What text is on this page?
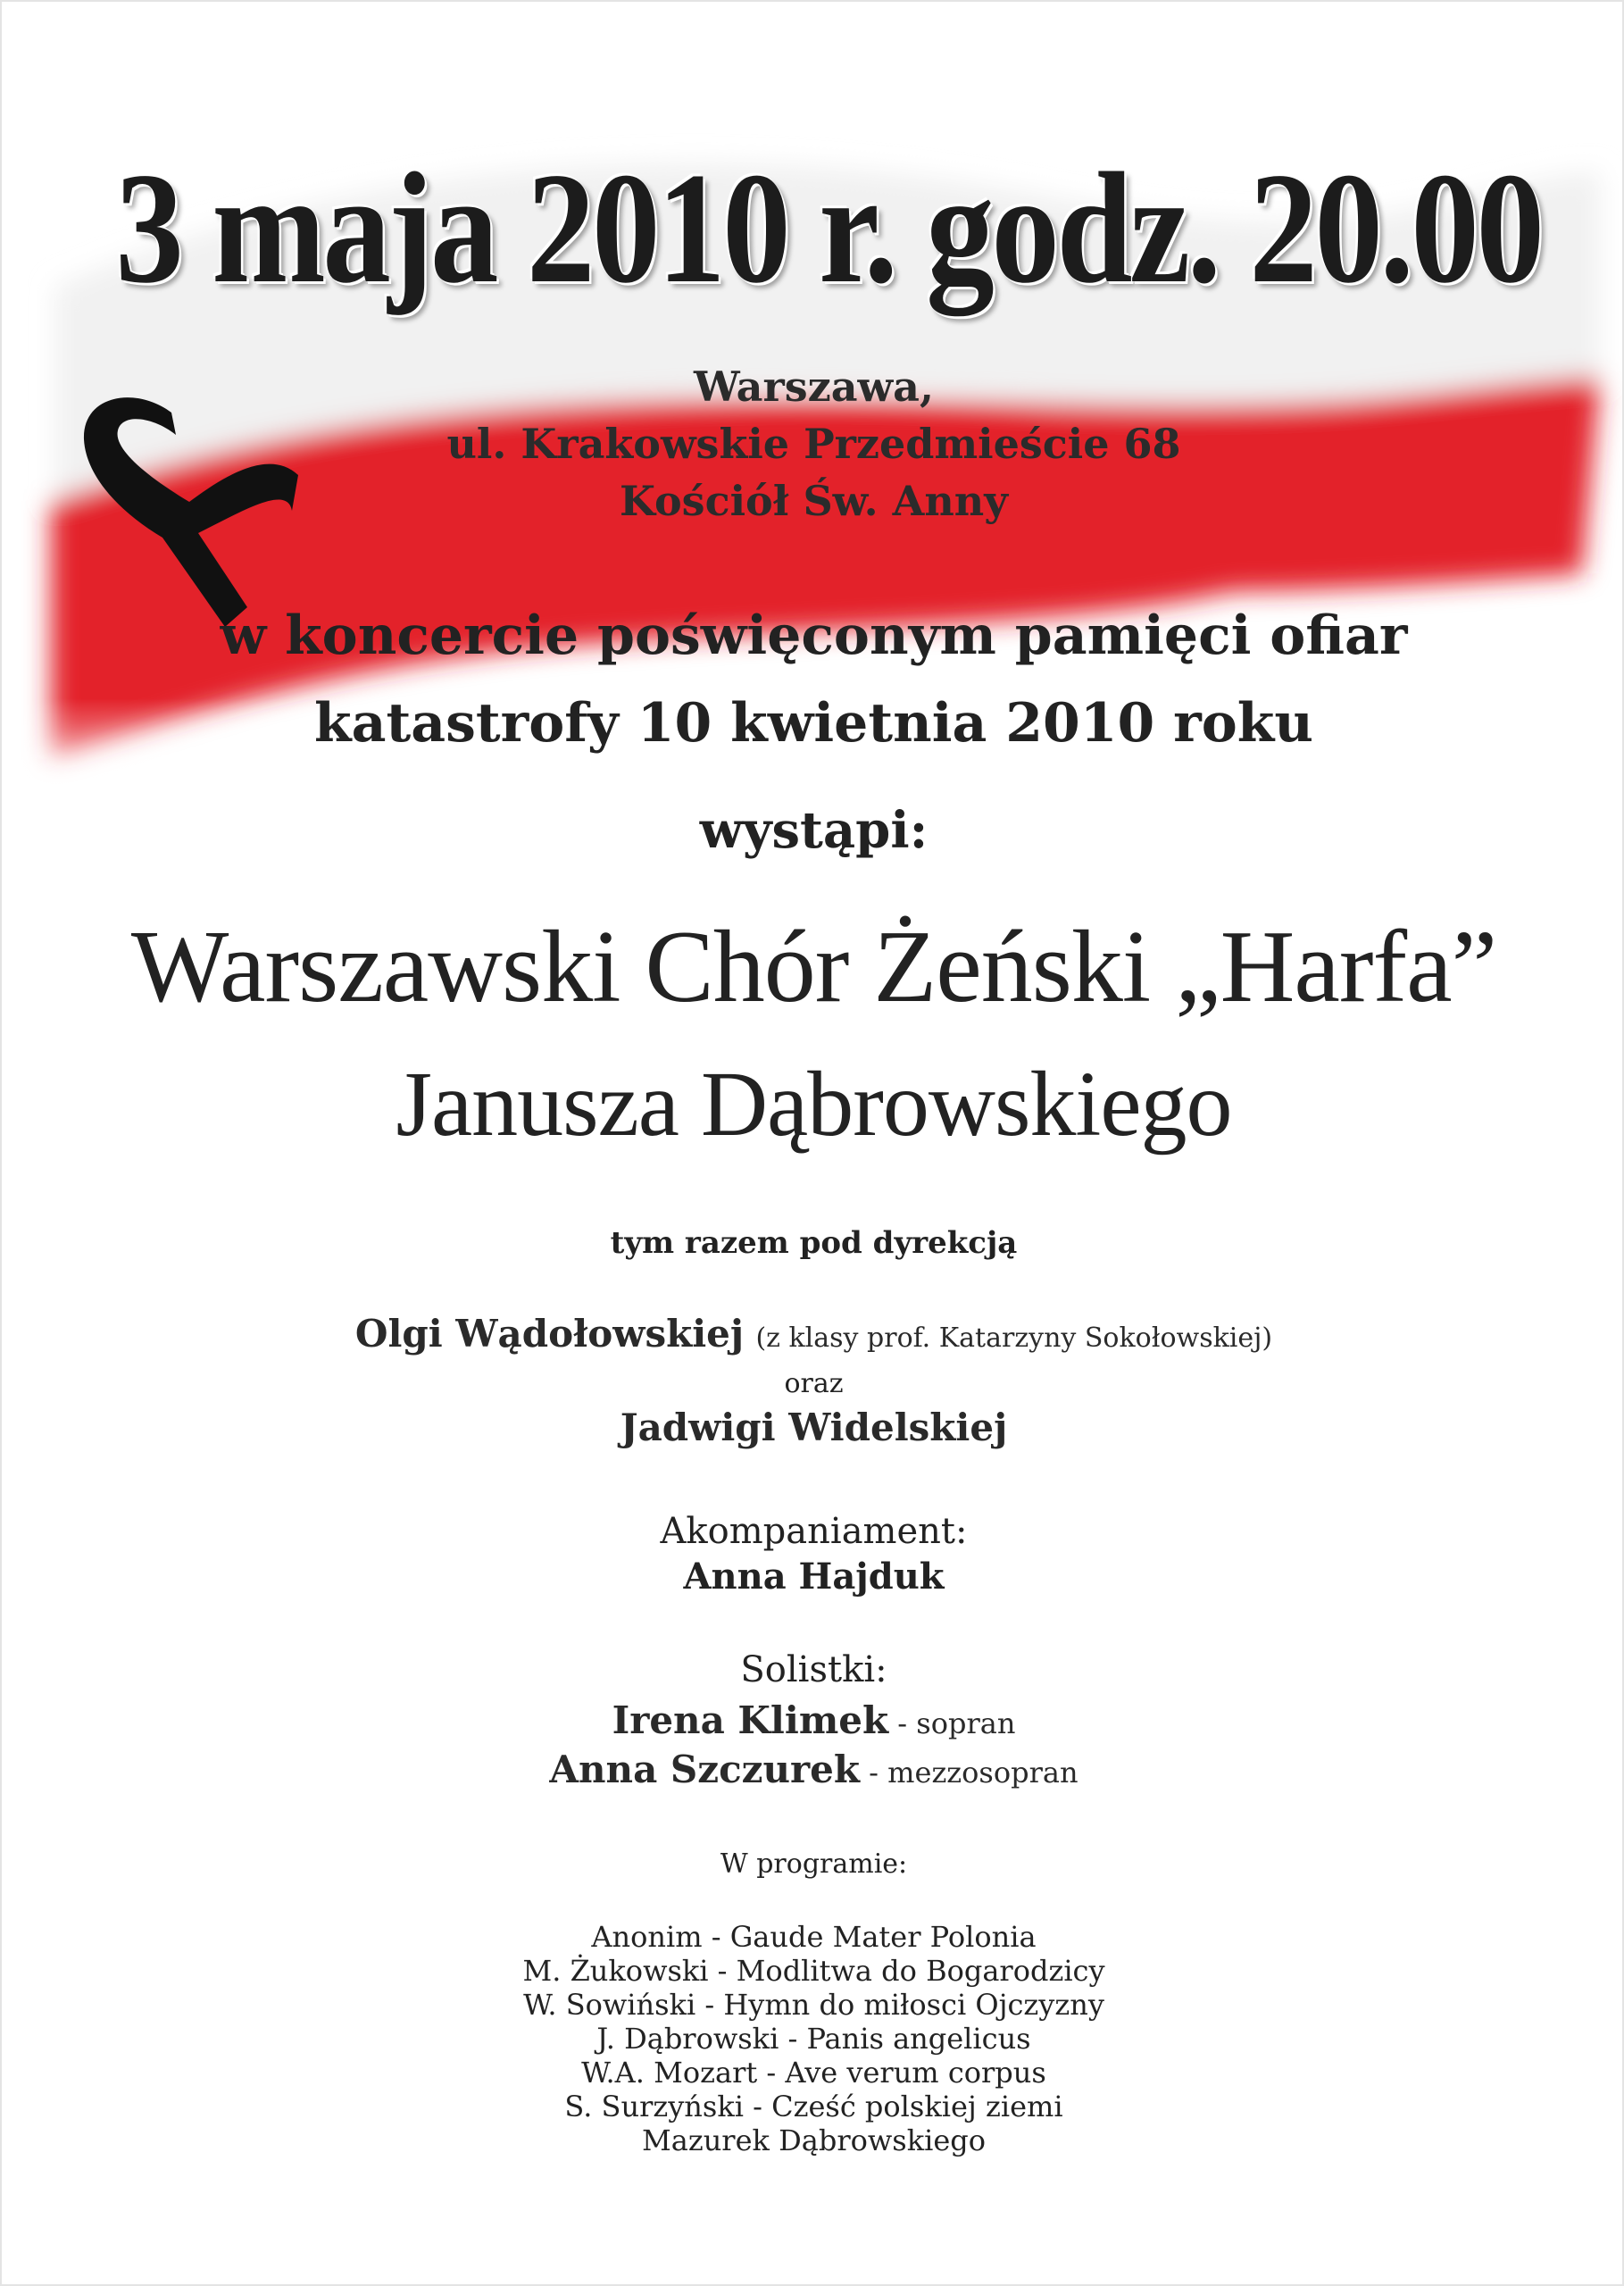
3 maja 2010 r. godz. 20.00

Warszawa,

ul. Krakowskie Przedmieście 68

Kościół Św. Anny

w koncercie poświęconym pamięci ofiar

katastrofy 10 kwietnia 2010 roku

wystąpi:

Warszawski Chór Żeński „Harfa”

Janusza Dąbrowskiego

tym razem pod dyrekcją

Olgi Wądołowskiej (z klasy prof. Katarzyny Sokołowskiej)

oraz

Jadwigi Widelskiej

Akompaniament:

Anna Hajduk

Solistki:

Irena Klimek - sopran

Anna Szczurek - mezzosopran

W programie:

Anonim - Gaude Mater Polonia
M. Żukowski - Modlitwa do Bogarodzicy
W. Sowiński - Hymn do miłosci Ojczyzny
J. Dąbrowski - Panis angelicus
W.A. Mozart - Ave verum corpus
S. Surzyński - Cześć polskiej ziemi
Mazurek Dąbrowskiego
